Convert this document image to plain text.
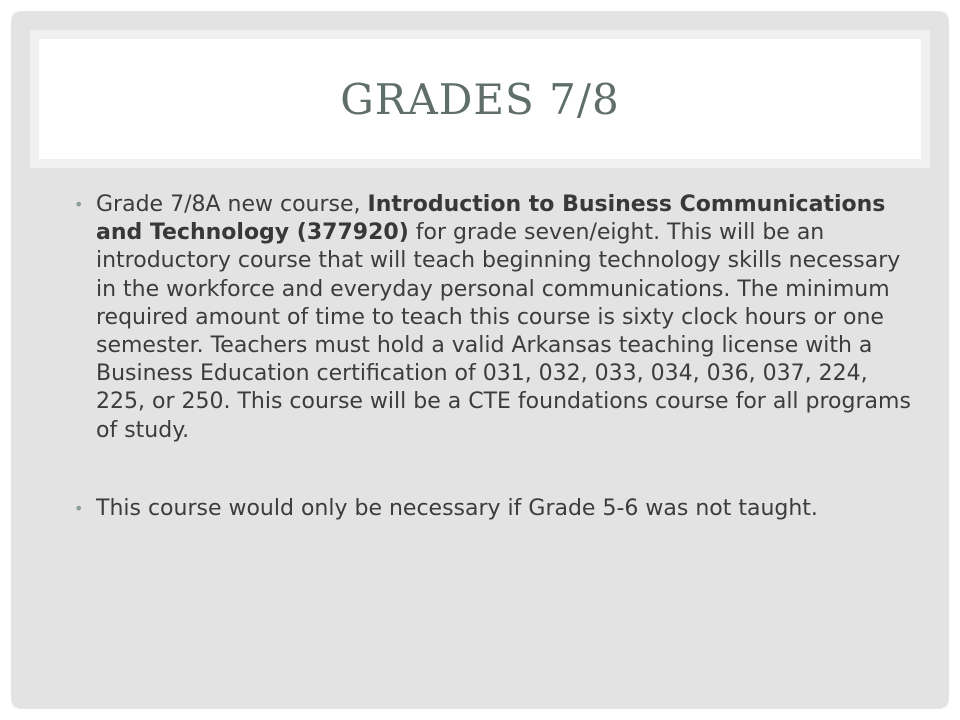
GRADES 7/8
• Grade 7/8A new course, Introduction to Business Communications and Technology (377920) for grade seven/eight. This will be an introductory course that will teach beginning technology skills necessary in the workforce and everyday personal communications. The minimum required amount of time to teach this course is sixty clock hours or one semester. Teachers must hold a valid Arkansas teaching license with a Business Education certification of 031, 032, 033, 034, 036, 037, 224, 225, or 250. This course will be a CTE foundations course for all programs of study.
• This course would only be necessary if Grade 5-6 was not taught.
